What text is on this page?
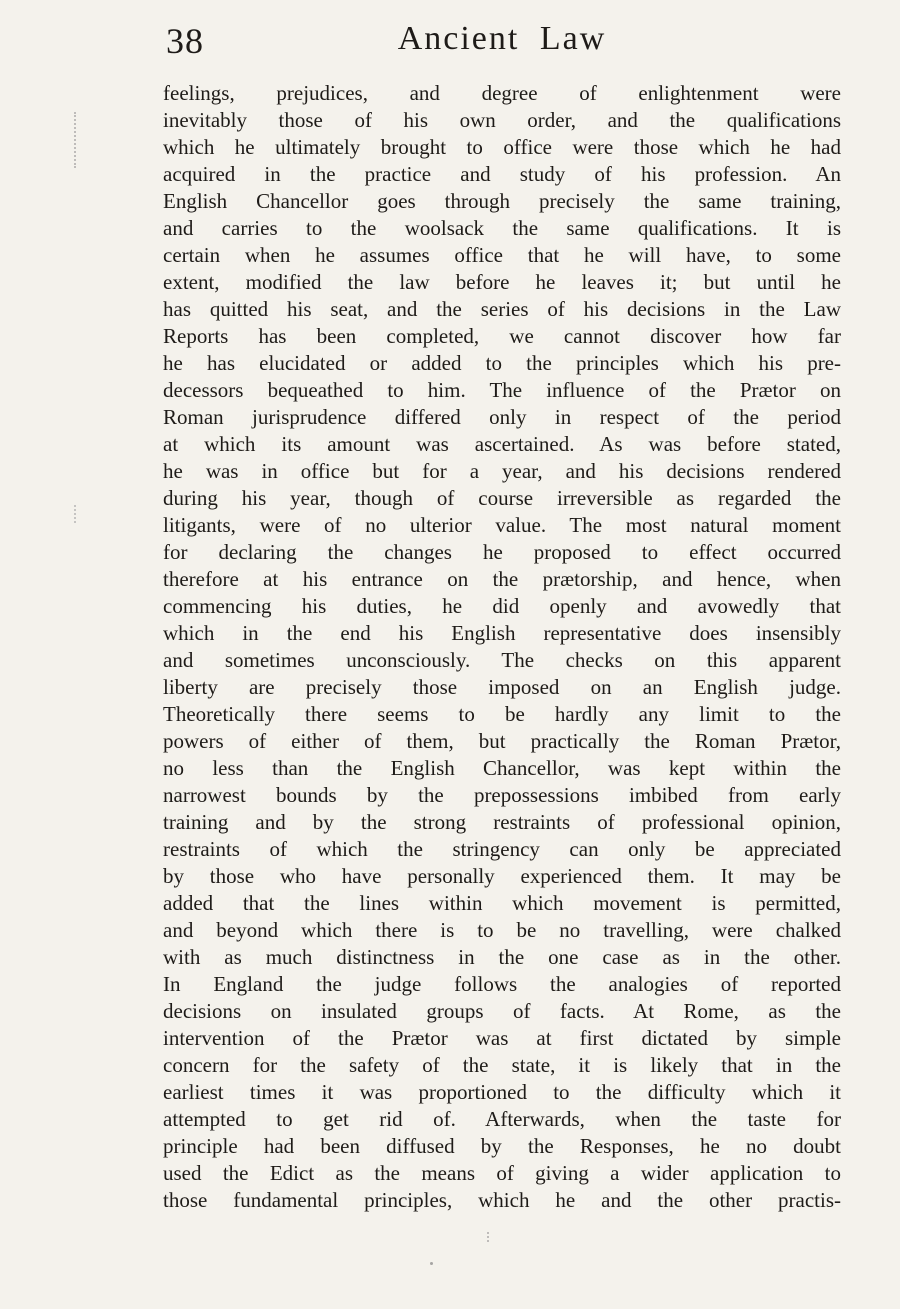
38	Ancient Law
feelings, prejudices, and degree of enlightenment were
inevitably those of his own order, and the qualifications
which he ultimately brought to office were those which he had
acquired in the practice and study of his profession. An
English Chancellor goes through precisely the same training,
and carries to the woolsack the same qualifications. It is
certain when he assumes office that he will have, to some
extent, modified the law before he leaves it; but until he
has quitted his seat, and the series of his decisions in the Law
Reports has been completed, we cannot discover how far
he has elucidated or added to the principles which his pre-
decessors bequeathed to him. The influence of the Prætor on
Roman jurisprudence differed only in respect of the period
at which its amount was ascertained. As was before stated,
he was in office but for a year, and his decisions rendered
during his year, though of course irreversible as regarded the
litigants, were of no ulterior value. The most natural moment
for declaring the changes he proposed to effect occurred
therefore at his entrance on the prætorship, and hence, when
commencing his duties, he did openly and avowedly that
which in the end his English representative does insensibly
and sometimes unconsciously. The checks on this apparent
liberty are precisely those imposed on an English judge.
Theoretically there seems to be hardly any limit to the
powers of either of them, but practically the Roman Prætor,
no less than the English Chancellor, was kept within the
narrowest bounds by the prepossessions imbibed from early
training and by the strong restraints of professional opinion,
restraints of which the stringency can only be appreciated
by those who have personally experienced them. It may be
added that the lines within which movement is permitted,
and beyond which there is to be no travelling, were chalked
with as much distinctness in the one case as in the other.
In England the judge follows the analogies of reported
decisions on insulated groups of facts. At Rome, as the
intervention of the Prætor was at first dictated by simple
concern for the safety of the state, it is likely that in the
earliest times it was proportioned to the difficulty which it
attempted to get rid of. Afterwards, when the taste for
principle had been diffused by the Responses, he no doubt
used the Edict as the means of giving a wider application to
those fundamental principles, which he and the other practis-
